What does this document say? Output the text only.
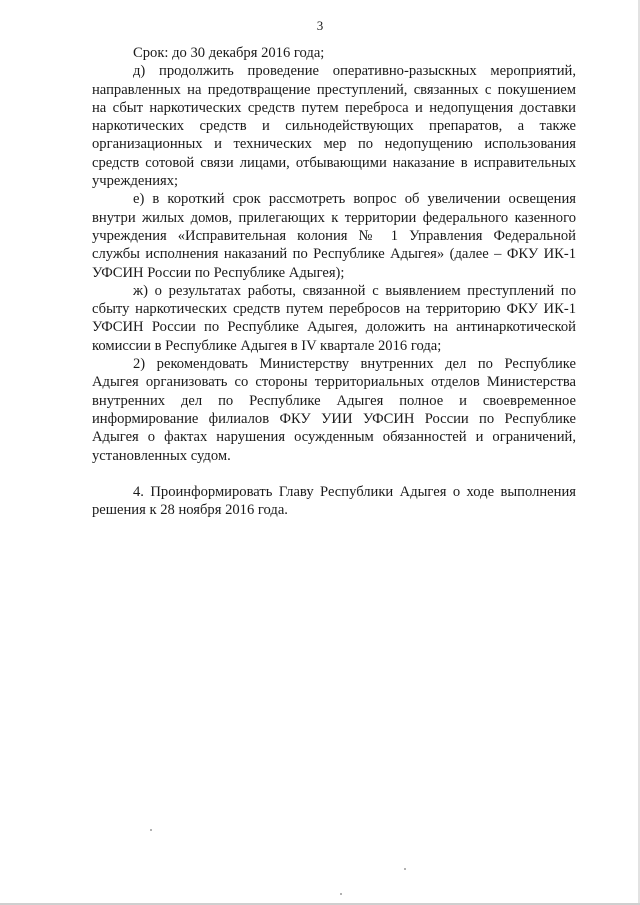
3

Срок: до 30 декабря 2016 года;

д) продолжить проведение оперативно-разыскных мероприятий, направленных на предотвращение преступлений, связанных с покушением на сбыт наркотических средств путем переброса и недопущения доставки наркотических средств и сильнодействующих препаратов, а также организационных и технических мер по недопущению использования средств сотовой связи лицами, отбывающими наказание в исправительных учреждениях;

е) в короткий срок рассмотреть вопрос об увеличении освещения внутри жилых домов, прилегающих к территории федерального казенного учреждения «Исправительная колония № 1 Управления Федеральной службы исполнения наказаний по Республике Адыгея» (далее – ФКУ ИК-1 УФСИН России по Республике Адыгея);

ж) о результатах работы, связанной с выявлением преступлений по сбыту наркотических средств путем перебросов на территорию ФКУ ИК-1 УФСИН России по Республике Адыгея, доложить на антинаркотической комиссии в Республике Адыгея в IV квартале 2016 года;

2) рекомендовать Министерству внутренних дел по Республике Адыгея организовать со стороны территориальных отделов Министерства внутренних дел по Республике Адыгея полное и своевременное информирование филиалов ФКУ УИИ УФСИН России по Республике Адыгея о фактах нарушения осужденным обязанностей и ограничений, установленных судом.

4. Проинформировать Главу Республики Адыгея о ходе выполнения решения к 28 ноября 2016 года.
